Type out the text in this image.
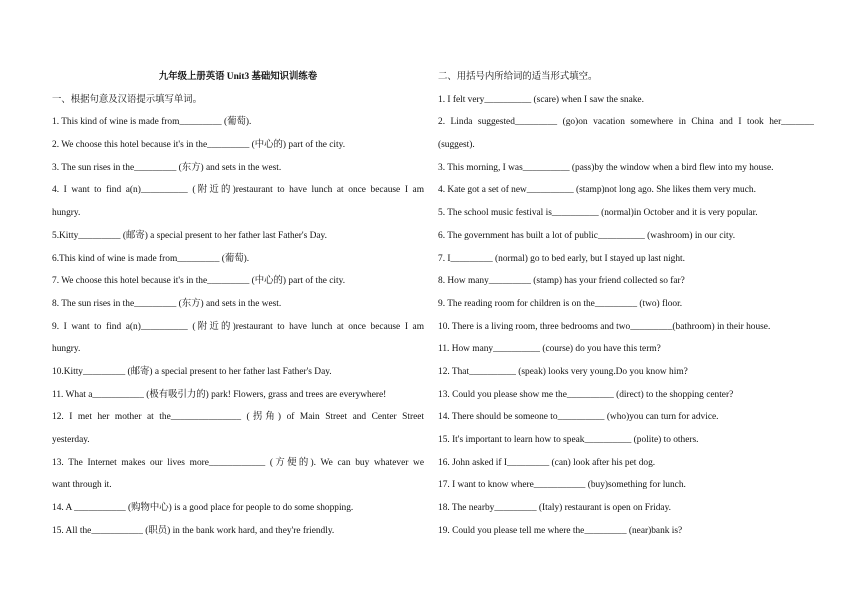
九年级上册英语 Unit3 基础知识训练卷
一、根据句意及汉语提示填写单词。
1. This kind of wine is made from_________ (葡萄).
2. We choose this hotel because it's in the_________ (中心的) part of the city.
3. The sun rises in the_________ (东方) and sets in the west.
4. I want to find a(n)__________ (附近的)restaurant to have lunch at once because I am
hungry.
5.Kitty_________ (邮寄) a special present to her father last Father's Day.
6.This kind of wine is made from_________ (葡萄).
7. We choose this hotel because it's in the_________ (中心的) part of the city.
8. The sun rises in the_________ (东方) and sets in the west.
9. I want to find a(n)__________ (附近的)restaurant to have lunch at once because I am
hungry.
10.Kitty_________ (邮寄) a special present to her father last Father's Day.
11. What a___________ (极有吸引力的) park! Flowers, grass and trees are everywhere!
12. I met her mother at the_______________ (拐角) of Main Street and Center Street
yesterday.
13. The Internet makes our lives more____________ (方便的). We can buy whatever we
want through it.
14. A ___________ (购物中心) is a good place for people to do some shopping.
15. All the___________ (职员) in the bank work hard, and they're friendly.
二、用括号内所给词的适当形式填空。
1. I felt very__________ (scare) when I saw the snake.
2. Linda suggested_________ (go)on vacation somewhere in China and I took her_______
(suggest).
3. This morning, I was__________ (pass)by the window when a bird flew into my house.
4. Kate got a set of new__________ (stamp)not long ago. She likes them very much.
5. The school music festival is__________ (normal)in October and it is very popular.
6. The government has built a lot of public__________ (washroom) in our city.
7. I_________ (normal) go to bed early, but I stayed up last night.
8. How many_________ (stamp) has your friend collected so far?
9. The reading room for children is on the_________ (two) floor.
10. There is a living room, three bedrooms and two_________(bathroom) in their house.
11. How many__________ (course) do you have this term?
12. That__________ (speak) looks very young.Do you know him?
13. Could you please show me the__________ (direct) to the shopping center?
14. There should be someone to__________ (who)you can turn for advice.
15. It's important to learn how to speak__________ (polite) to others.
16. John asked if I_________ (can) look after his pet dog.
17. I want to know where___________ (buy)something for lunch.
18. The nearby_________ (Italy) restaurant is open on Friday.
19. Could you please tell me where the_________ (near)bank is?
